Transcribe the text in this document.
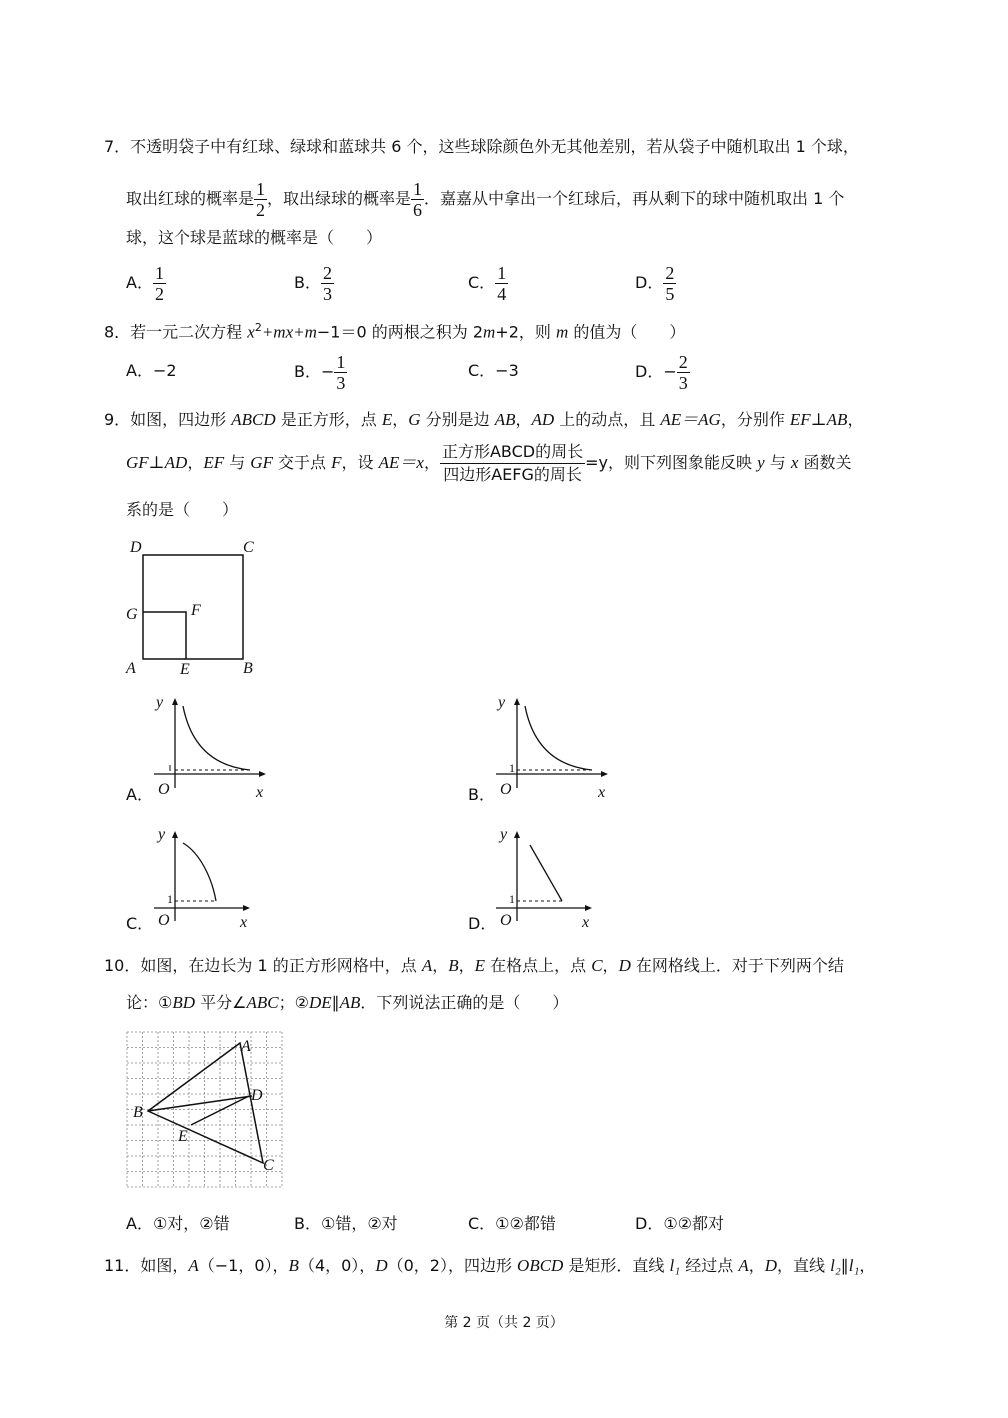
7．不透明袋子中有红球、绿球和蓝球共 6 个，这些球除颜色外无其他差别，若从袋子中随机取出 1 个球，
取出红球的概率是 $\frac{1}{2}$ ，取出绿球的概率是 $\frac{1}{6}$ ．嘉嘉从中拿出一个红球后，再从剩下的球中随机取出 1 个
球，这个球是蓝球的概率是（　　）
A． $\frac{1}{2}$	B． $\frac{2}{3}$	C． $\frac{1}{4}$	D． $\frac{2}{5}$
8．若一元二次方程 $x^2+mx+m-1=0$ 的两根之积为 2m+2，则 m 的值为（　　）
A．−2	B．− $\frac{1}{3}$	C．−3	D．− $\frac{2}{3}$
9．如图，四边形 ABCD 是正方形，点 E，G 分别是边 AB，AD 上的动点，且 AE＝AG，分别作 EF⊥AB，
GF⊥AD，EF 与 GF 交于点 F，设 AE＝x， $\frac{\text{正方形ABCD的周长}}{\text{四边形AEFG的周长}} =y$，则下列图象能反映 y 与 x 函数关
系的是（　　）
D	C
G	F
A	E	B
A．
y
O	x	B．
1
y
O	x
C．
1
y
O	x	D．
1
y
O	x
10．如图，在边长为 1 的正方形网格中，点 A，B，E 在格点上，点 C，D 在网格线上．对于下列两个结
论：①BD 平分∠ABC；②DE∥AB．下列说法正确的是（　　）
A
B
C
D
E
A．①对，②错	B．①错，②对	C．①②都错	D．①②都对
11．如图，A（−1，0），B（4，0），D（0，2），四边形 OBCD 是矩形．直线 l₁ 经过点 A，D，直线 l₂∥l₁，
第 2 页（共 2 页）
